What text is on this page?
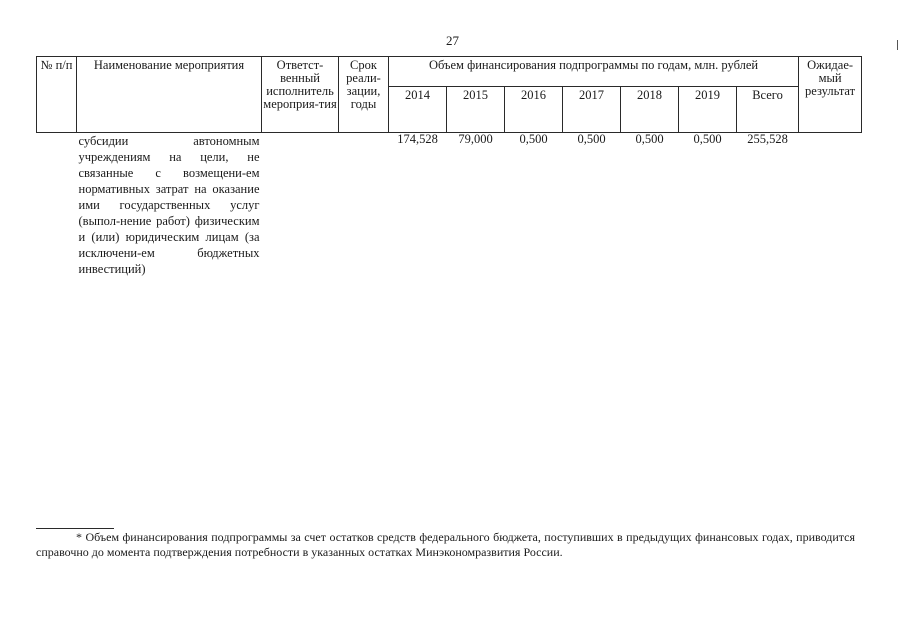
27
№ п/п	Наименование мероприятия	Ответст-венный исполнитель мероприя-тия	Срок реали-зации, годы	Объем финансирования подпрограммы по годам, млн. рублей							Ожидае-мый результат
				2014	2015	2016	2017	2018	2019	Всего	
	субсидии автономным учреждениям на цели, не связанные с возмещени-ем нормативных затрат на оказание ими государственных услуг (выпол-нение работ) физическим и (или) юридическим лицам (за исключени-ем бюджетных инвестиций)			174,528	79,000	0,500	0,500	0,500	0,500	255,528	
* Объем финансирования подпрограммы за счет остатков средств федерального бюджета, поступивших в предыдущих финансовых годах, приводится справочно до момента подтверждения потребности в указанных остатках Минэкономразвития России.
